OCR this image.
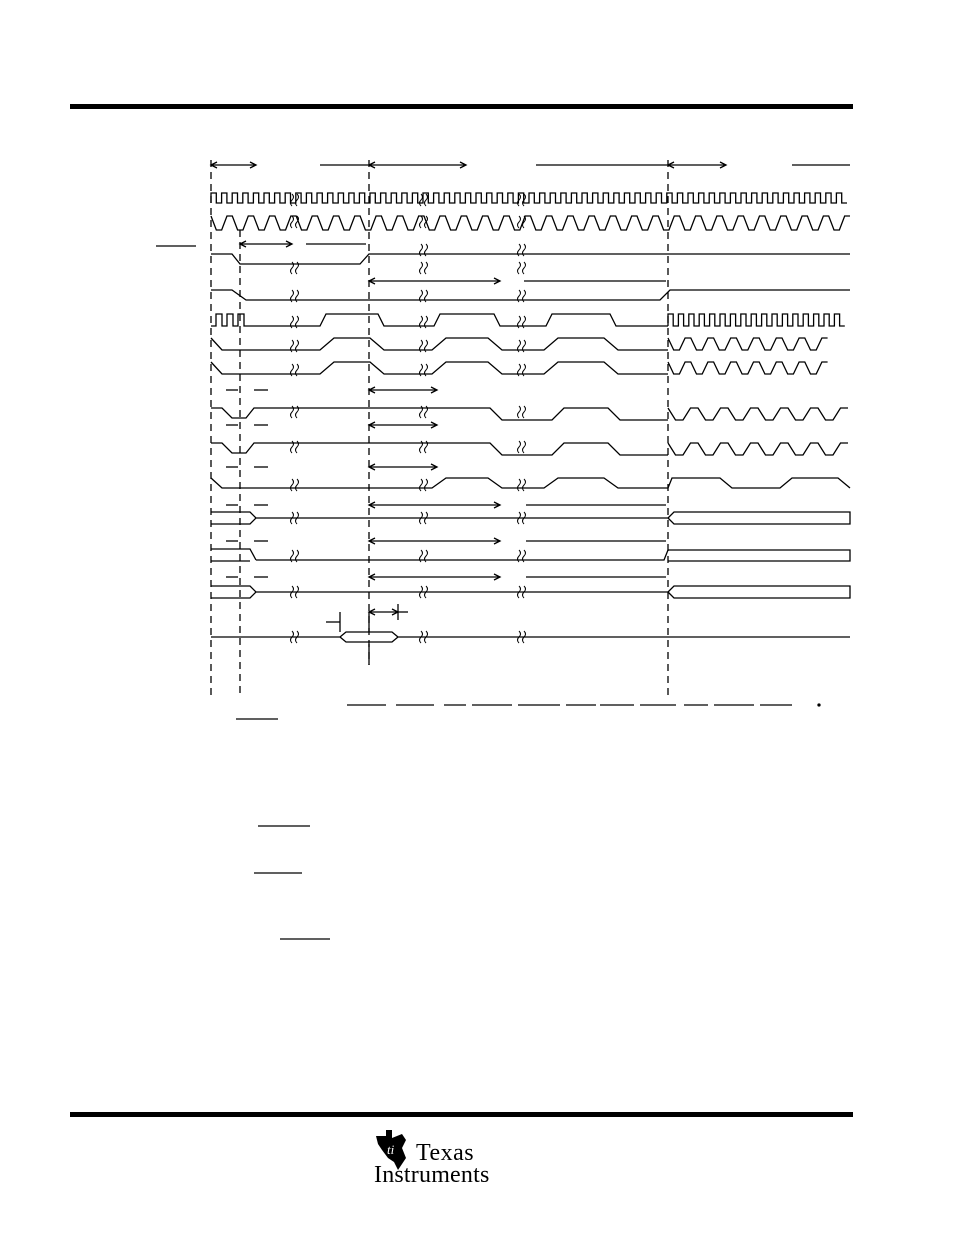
ti Texas
Instruments
